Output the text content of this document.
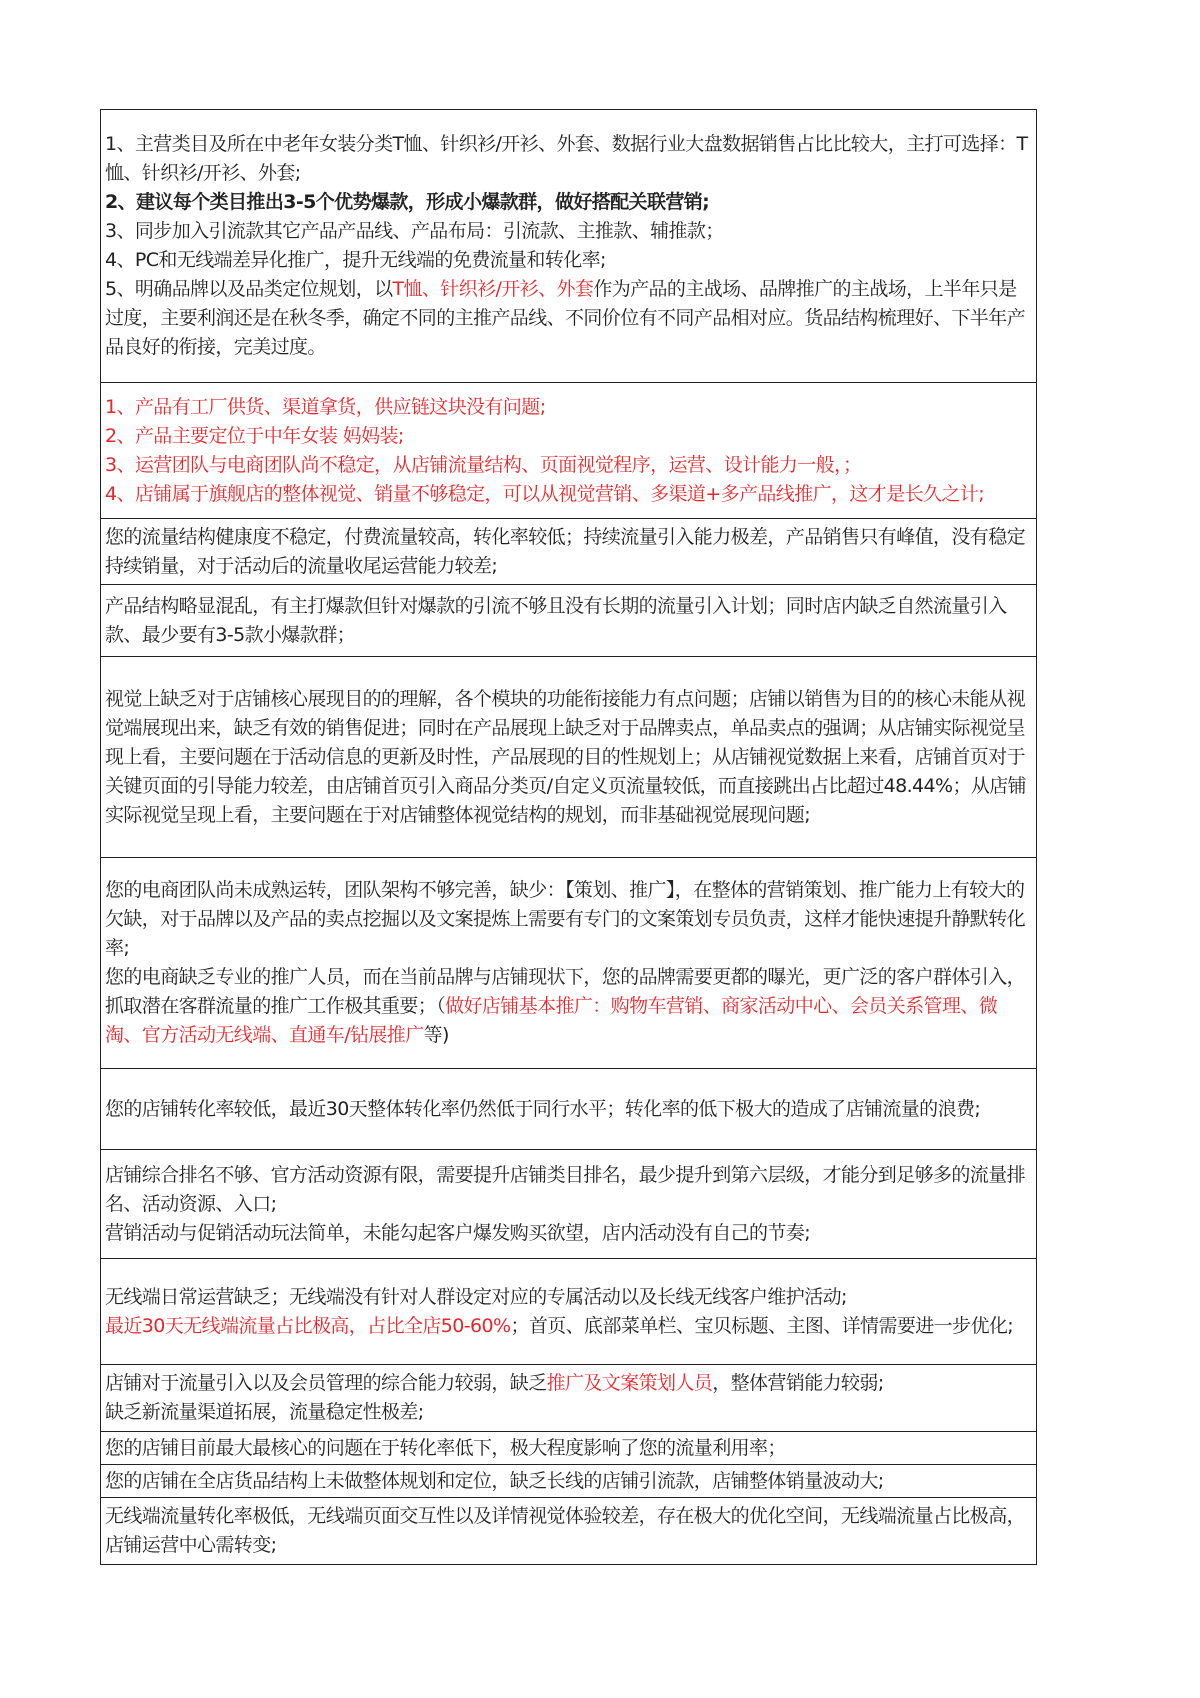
1、主营类目及所在中老年女装分类T恤、针织衫/开衫、外套、数据行业大盘数据销售占比比较大，主打可选择：T恤、针织衫/开衫、外套;
2、建议每个类目推出3-5个优势爆款，形成小爆款群，做好搭配关联营销;
3、同步加入引流款其它产品产品线、产品布局：引流款、主推款、辅推款；
4、PC和无线端差异化推广，提升无线端的免费流量和转化率;
5、明确品牌以及品类定位规划，以T恤、针织衫/开衫、外套作为产品的主战场、品牌推广的主战场，上半年只是过度，主要利润还是在秋冬季，确定不同的主推产品线、不同价位有不同产品相对应。货品结构梳理好、下半年产品良好的衔接，完美过度。
1、产品有工厂供货、渠道拿货，供应链这块没有问题;
2、产品主要定位于中年女装 妈妈装;
3、运营团队与电商团队尚不稳定，从店铺流量结构、页面视觉程序，运营、设计能力一般，；
4、店铺属于旗舰店的整体视觉、销量不够稳定，可以从视觉营销、多渠道+多产品线推广，这才是长久之计;
您的流量结构健康度不稳定，付费流量较高，转化率较低；持续流量引入能力极差，产品销售只有峰值，没有稳定持续销量，对于活动后的流量收尾运营能力较差;
产品结构略显混乱，有主打爆款但针对爆款的引流不够且没有长期的流量引入计划；同时店内缺乏自然流量引入款、最少要有3-5款小爆款群；
视觉上缺乏对于店铺核心展现目的的理解，各个模块的功能衔接能力有点问题；店铺以销售为目的的核心未能从视觉端展现出来，缺乏有效的销售促进；同时在产品展现上缺乏对于品牌卖点，单品卖点的强调；从店铺实际视觉呈现上看，主要问题在于活动信息的更新及时性，产品展现的目的性规划上；从店铺视觉数据上来看，店铺首页对于关键页面的引导能力较差，由店铺首页引入商品分类页/自定义页流量较低，而直接跳出占比超过48.44%；从店铺实际视觉呈现上看，主要问题在于对店铺整体视觉结构的规划，而非基础视觉展现问题;
您的电商团队尚未成熟运转，团队架构不够完善，缺少：【策划、推广】，在整体的营销策划、推广能力上有较大的欠缺，对于品牌以及产品的卖点挖掘以及文案提炼上需要有专门的文案策划专员负责，这样才能快速提升静默转化率;
您的电商缺乏专业的推广人员，而在当前品牌与店铺现状下，您的品牌需要更都的曝光，更广泛的客户群体引入，抓取潜在客群流量的推广工作极其重要；（做好店铺基本推广：购物车营销、商家活动中心、会员关系管理、微淘、官方活动无线端、直通车/钻展推广等)
您的店铺转化率较低，最近30天整体转化率仍然低于同行水平；转化率的低下极大的造成了店铺流量的浪费;
店铺综合排名不够、官方活动资源有限，需要提升店铺类目排名，最少提升到第六层级，才能分到足够多的流量排名、活动资源、入口;
营销活动与促销活动玩法简单，未能勾起客户爆发购买欲望，店内活动没有自己的节奏;
无线端日常运营缺乏；无线端没有针对人群设定对应的专属活动以及长线无线客户维护活动;
最近30天无线端流量占比极高，占比全店50-60%；首页、底部菜单栏、宝贝标题、主图、详情需要进一步优化;
店铺对于流量引入以及会员管理的综合能力较弱，缺乏推广及文案策划人员，整体营销能力较弱;
缺乏新流量渠道拓展，流量稳定性极差;
您的店铺目前最大最核心的问题在于转化率低下，极大程度影响了您的流量利用率；
您的店铺在全店货品结构上未做整体规划和定位，缺乏长线的店铺引流款，店铺整体销量波动大;
无线端流量转化率极低，无线端页面交互性以及详情视觉体验较差，存在极大的优化空间，无线端流量占比极高，店铺运营中心需转变;
